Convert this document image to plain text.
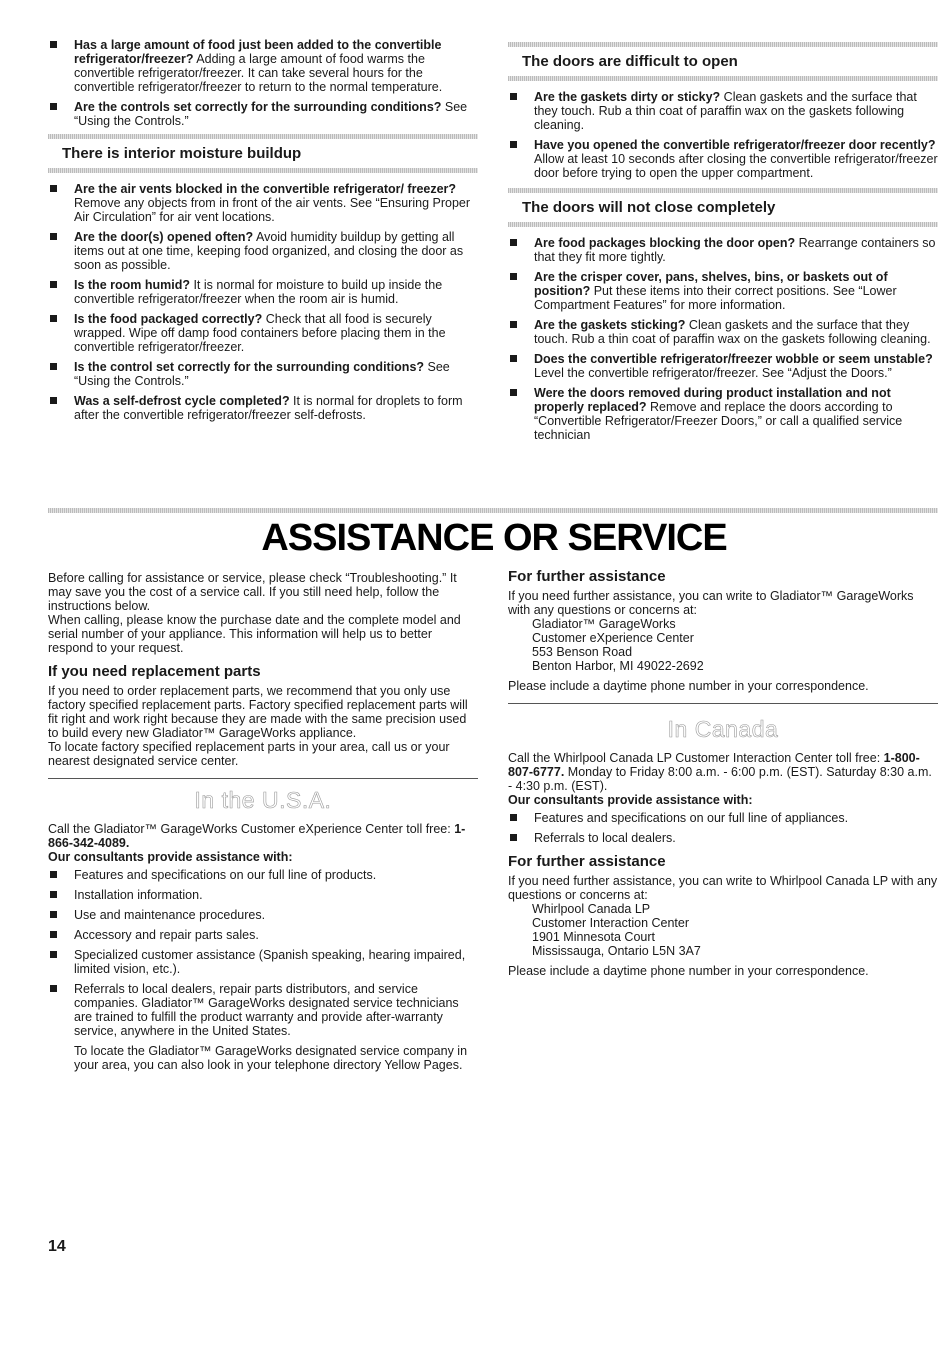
Has a large amount of food just been added to the convertible refrigerator/freezer? Adding a large amount of food warms the convertible refrigerator/freezer. It can take several hours for the convertible refrigerator/freezer to return to the normal temperature.
Are the controls set correctly for the surrounding conditions? See “Using the Controls.”
There is interior moisture buildup
Are the air vents blocked in the convertible refrigerator/ freezer? Remove any objects from in front of the air vents. See “Ensuring Proper Air Circulation” for air vent locations.
Are the door(s) opened often? Avoid humidity buildup by getting all items out at one time, keeping food organized, and closing the door as soon as possible.
Is the room humid? It is normal for moisture to build up inside the convertible refrigerator/freezer when the room air is humid.
Is the food packaged correctly? Check that all food is securely wrapped. Wipe off damp food containers before placing them in the convertible refrigerator/freezer.
Is the control set correctly for the surrounding conditions? See “Using the Controls.”
Was a self-defrost cycle completed? It is normal for droplets to form after the convertible refrigerator/freezer self-defrosts.
The doors are difficult to open
Are the gaskets dirty or sticky? Clean gaskets and the surface that they touch. Rub a thin coat of paraffin wax on the gaskets following cleaning.
Have you opened the convertible refrigerator/freezer door recently? Allow at least 10 seconds after closing the convertible refrigerator/freezer door before trying to open the upper compartment.
The doors will not close completely
Are food packages blocking the door open? Rearrange containers so that they fit more tightly.
Are the crisper cover, pans, shelves, bins, or baskets out of position? Put these items into their correct positions. See “Lower Compartment Features” for more information.
Are the gaskets sticking? Clean gaskets and the surface that they touch. Rub a thin coat of paraffin wax on the gaskets following cleaning.
Does the convertible refrigerator/freezer wobble or seem unstable? Level the convertible refrigerator/freezer. See “Adjust the Doors.”
Were the doors removed during product installation and not properly replaced? Remove and replace the doors according to “Convertible Refrigerator/Freezer Doors,” or call a qualified service technician
ASSISTANCE OR SERVICE

Before calling for assistance or service, please check “Troubleshooting.” It may save you the cost of a service call. If you still need help, follow the instructions below.

When calling, please know the purchase date and the complete model and serial number of your appliance. This information will help us to better respond to your request.

If you need replacement parts

If you need to order replacement parts, we recommend that you only use factory specified replacement parts. Factory specified replacement parts will fit right and work right because they are made with the same precision used to build every new Gladiator™ GarageWorks appliance.

To locate factory specified replacement parts in your area, call us or your nearest designated service center.

In the U.S.A.

Call the Gladiator™ GarageWorks Customer eXperience Center toll free: 1-866-342-4089.

Our consultants provide assistance with:

Features and specifications on our full line of products.
Installation information.
Use and maintenance procedures.
Accessory and repair parts sales.
Specialized customer assistance (Spanish speaking, hearing impaired, limited vision, etc.).
Referrals to local dealers, repair parts distributors, and service companies. Gladiator™ GarageWorks designated service technicians are trained to fulfill the product warranty and provide after-warranty service, anywhere in the United States.

To locate the Gladiator™ GarageWorks designated service company in your area, you can also look in your telephone directory Yellow Pages.

For further assistance

If you need further assistance, you can write to Gladiator™ GarageWorks with any questions or concerns at:

Gladiator™ GarageWorks

Customer eXperience Center

553 Benson Road

Benton Harbor, MI 49022-2692

Please include a daytime phone number in your correspondence.

In Canada

Call the Whirlpool Canada LP Customer Interaction Center toll free: 1-800-807-6777. Monday to Friday 8:00 a.m. - 6:00 p.m. (EST). Saturday 8:30 a.m. - 4:30 p.m. (EST).

Our consultants provide assistance with:

Features and specifications on our full line of appliances.
Referrals to local dealers.
For further assistance

If you need further assistance, you can write to Whirlpool Canada LP with any questions or concerns at:

Whirlpool Canada LP

Customer Interaction Center

1901 Minnesota Court

Mississauga, Ontario L5N 3A7

Please include a daytime phone number in your correspondence.

14
